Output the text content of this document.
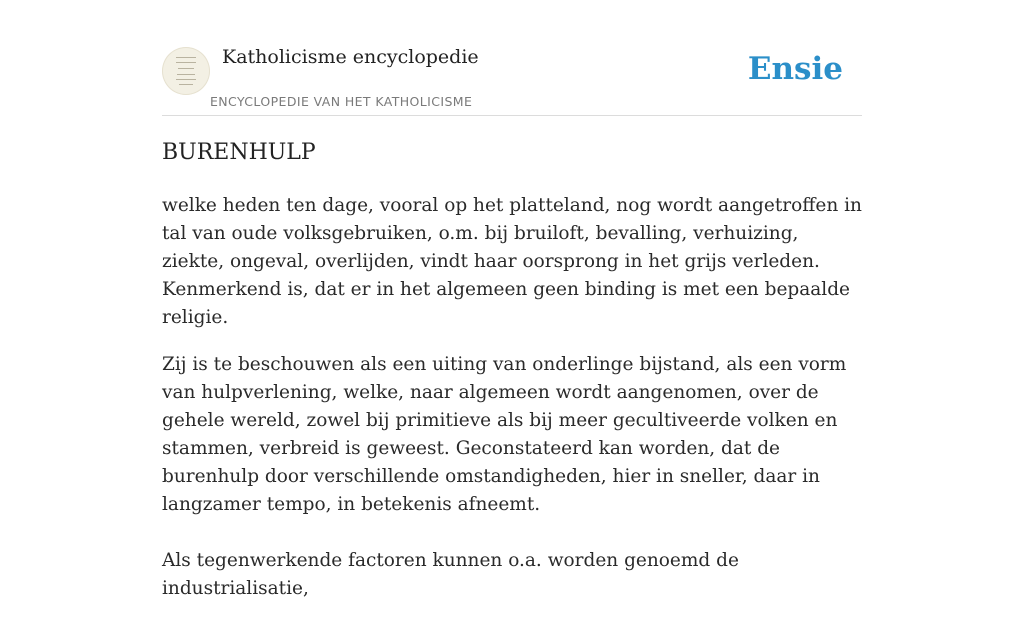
Katholicisme encyclopedie
ENCYCLOPEDIE VAN HET KATHOLICISME
Ensie
BURENHULP

welke heden ten dage, vooral op het platteland, nog wordt aangetroffen in tal van oude volksgebruiken, o.m. bij bruiloft, bevalling, verhuizing, ziekte, ongeval, overlijden, vindt haar oorsprong in het grijs verleden. Kenmerkend is, dat er in het algemeen geen binding is met een bepaalde religie.

Zij is te beschouwen als een uiting van onderlinge bijstand, als een vorm van hulpverlening, welke, naar algemeen wordt aangenomen, over de gehele wereld, zowel bij primitieve als bij meer gecultiveerde volken en stammen, verbreid is geweest. Geconstateerd kan worden, dat de burenhulp door verschillende omstandigheden, hier in sneller, daar in langzamer tempo, in betekenis afneemt.

Als tegenwerkende factoren kunnen o.a. worden genoemd de industrialisatie,
